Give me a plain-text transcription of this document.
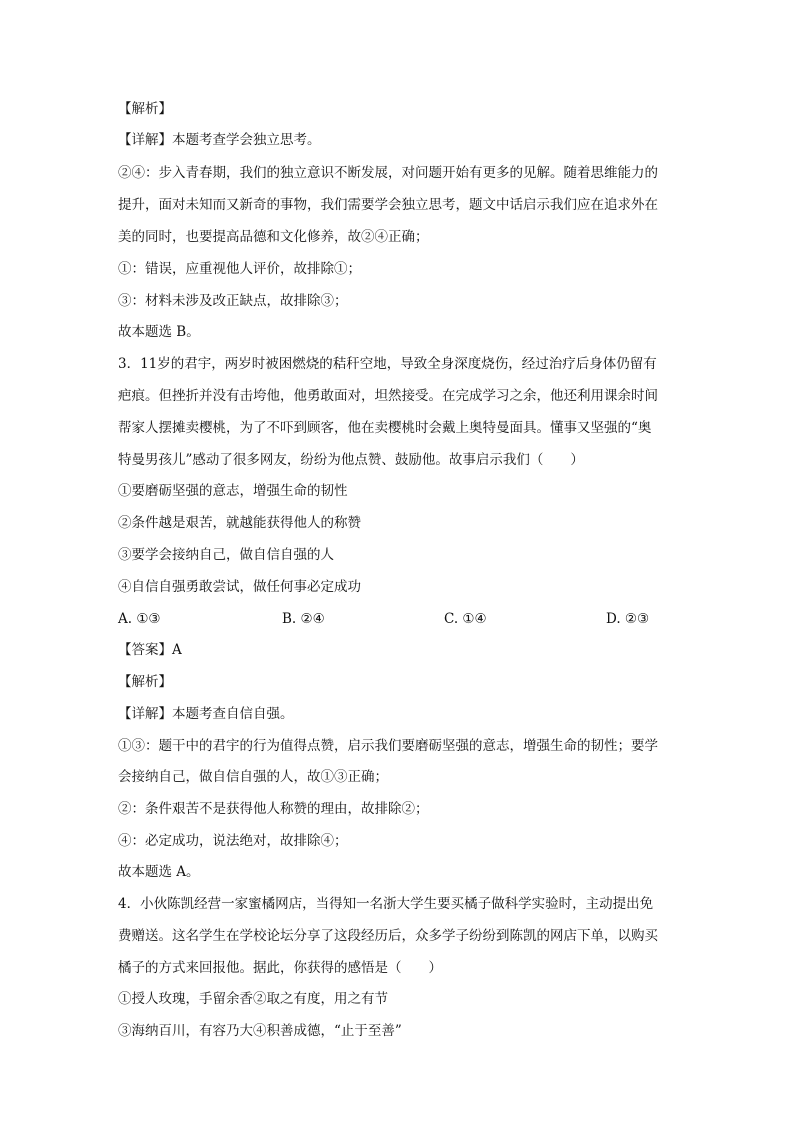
【解析】
【详解】本题考查学会独立思考。
②④：步入青春期，我们的独立意识不断发展，对问题开始有更多的见解。随着思维能力的
提升，面对未知而又新奇的事物，我们需要学会独立思考，题文中话启示我们应在追求外在
美的同时，也要提高品德和文化修养，故②④正确；
①：错误，应重视他人评价，故排除①；
③：材料未涉及改正缺点，故排除③；
故本题选 B。
3．11岁的君宇，两岁时被困燃烧的秸秆空地，导致全身深度烧伤，经过治疗后身体仍留有
疤痕。但挫折并没有击垮他，他勇敢面对，坦然接受。在完成学习之余，他还利用课余时间
帮家人摆摊卖樱桃，为了不吓到顾客，他在卖樱桃时会戴上奥特曼面具。懂事又坚强的“奥
特曼男孩儿”感动了很多网友，纷纷为他点赞、鼓励他。故事启示我们（　　）
①要磨砺坚强的意志，增强生命的韧性
②条件越是艰苦，就越能获得他人的称赞
③要学会接纳自己，做自信自强的人
④自信自强勇敢尝试，做任何事必定成功
A. ①③	B. ②④	C. ①④	D. ②③
【答案】A
【解析】
【详解】本题考查自信自强。
①③：题干中的君宇的行为值得点赞，启示我们要磨砺坚强的意志，增强生命的韧性；要学
会接纳自己，做自信自强的人，故①③正确；
②：条件艰苦不是获得他人称赞的理由，故排除②；
④：必定成功，说法绝对，故排除④；
故本题选 A。
4．小伙陈凯经营一家蜜橘网店，当得知一名浙大学生要买橘子做科学实验时，主动提出免
费赠送。这名学生在学校论坛分享了这段经历后，众多学子纷纷到陈凯的网店下单，以购买
橘子的方式来回报他。据此，你获得的感悟是（　　）
①授人玫瑰，手留余香②取之有度，用之有节
③海纳百川，有容乃大④积善成德，“止于至善”
